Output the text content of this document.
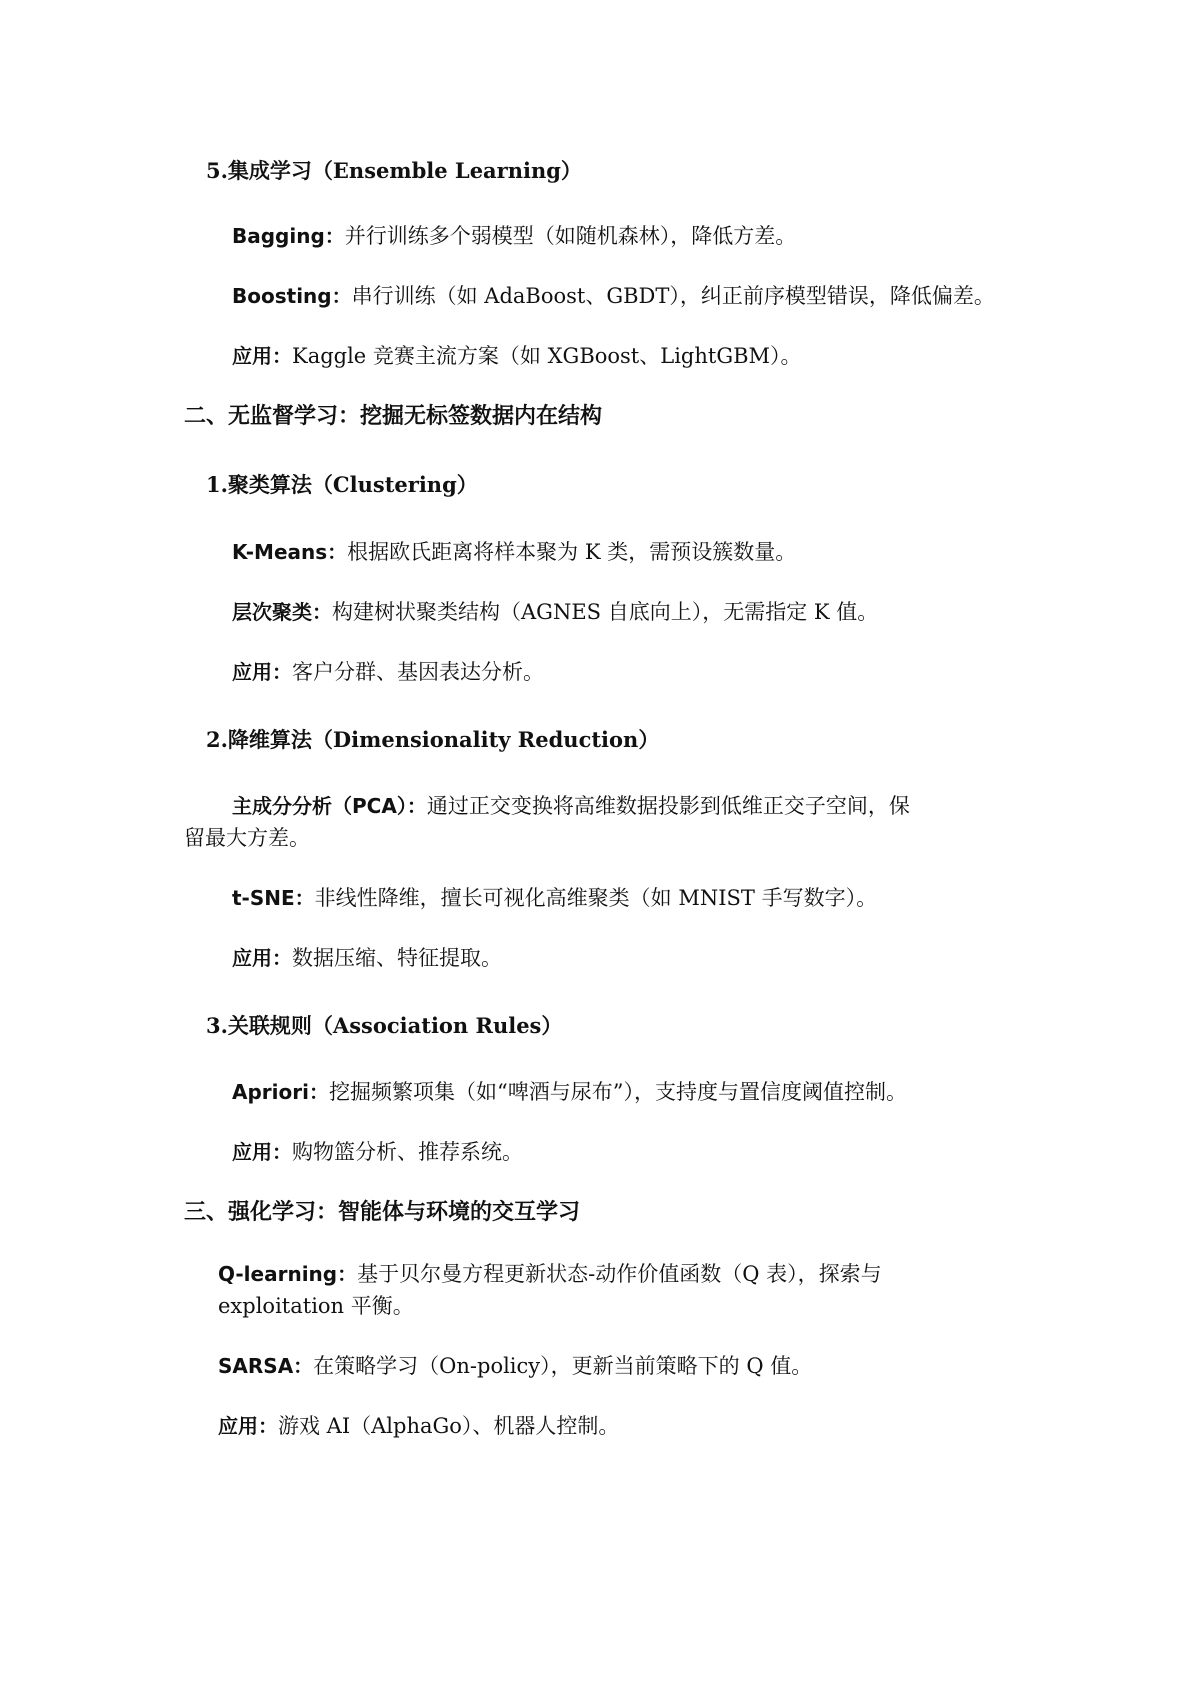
5.集成学习（Ensemble Learning）
Bagging：并行训练多个弱模型（如随机森林），降低方差。
Boosting：串行训练（如 AdaBoost、GBDT），纠正前序模型错误，降低偏差。
应用：Kaggle 竞赛主流方案（如 XGBoost、LightGBM）。
二、无监督学习：挖掘无标签数据内在结构
1.聚类算法（Clustering）
K-Means：根据欧氏距离将样本聚为 K 类，需预设簇数量。
层次聚类：构建树状聚类结构（AGNES 自底向上），无需指定 K 值。
应用：客户分群、基因表达分析。
2.降维算法（Dimensionality Reduction）
主成分分析（PCA）：通过正交变换将高维数据投影到低维正交子空间，保
留最大方差。
t-SNE：非线性降维，擅长可视化高维聚类（如 MNIST 手写数字）。
应用：数据压缩、特征提取。
3.关联规则（Association Rules）
Apriori：挖掘频繁项集（如“啤酒与尿布”），支持度与置信度阈值控制。
应用：购物篮分析、推荐系统。
三、强化学习：智能体与环境的交互学习
Q-learning：基于贝尔曼方程更新状态-动作价值函数（Q 表），探索与
exploitation 平衡。
SARSA：在策略学习（On-policy），更新当前策略下的 Q 值。
应用：游戏 AI（AlphaGo）、机器人控制。
